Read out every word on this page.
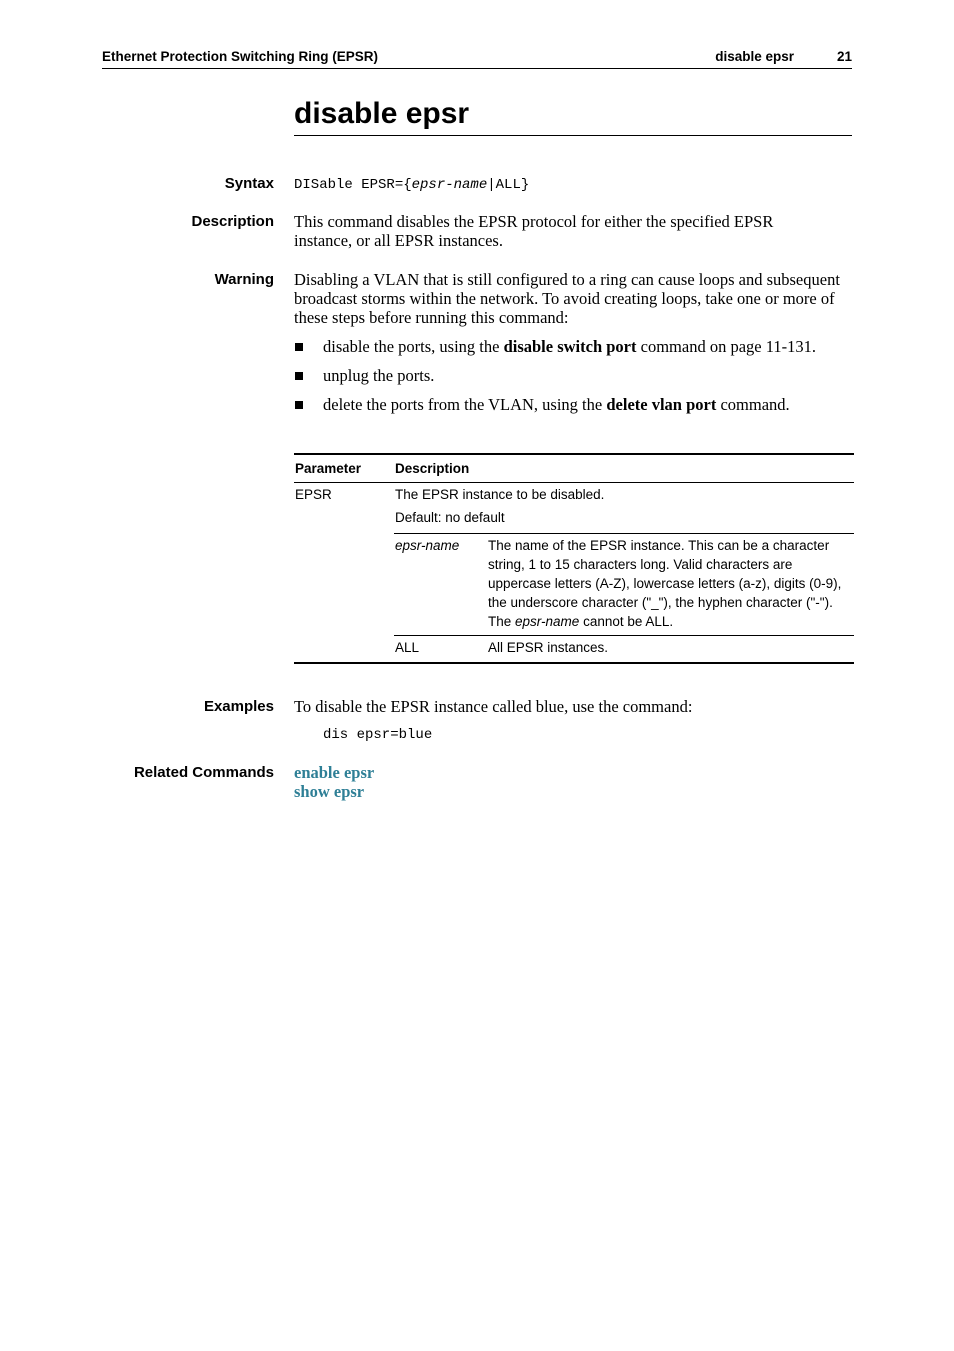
Ethernet Protection Switching Ring (EPSR)	disable epsr	21
disable epsr
Syntax DISable EPSR={epsr-name|ALL}
Description This command disables the EPSR protocol for either the specified EPSR instance, or all EPSR instances.
Warning Disabling a VLAN that is still configured to a ring can cause loops and subsequent broadcast storms within the network. To avoid creating loops, take one or more of these steps before running this command:
disable the ports, using the disable switch port command on page 11-131.
unplug the ports.
delete the ports from the VLAN, using the delete vlan port command.
Parameter	Description	
EPSR	The EPSR instance to be disabled.	
	Default: no default	
	epsr-name	The name of the EPSR instance. This can be a character string, 1 to 15 characters long. Valid characters are uppercase letters (A-Z), lowercase letters (a-z), digits (0-9), the underscore character ("_"), the hyphen character ("-"). The epsr-name cannot be ALL.
	ALL	All EPSR instances.
Examples To disable the EPSR instance called blue, use the command:
dis epsr=blue
Related Commands enable epsr
show epsr
